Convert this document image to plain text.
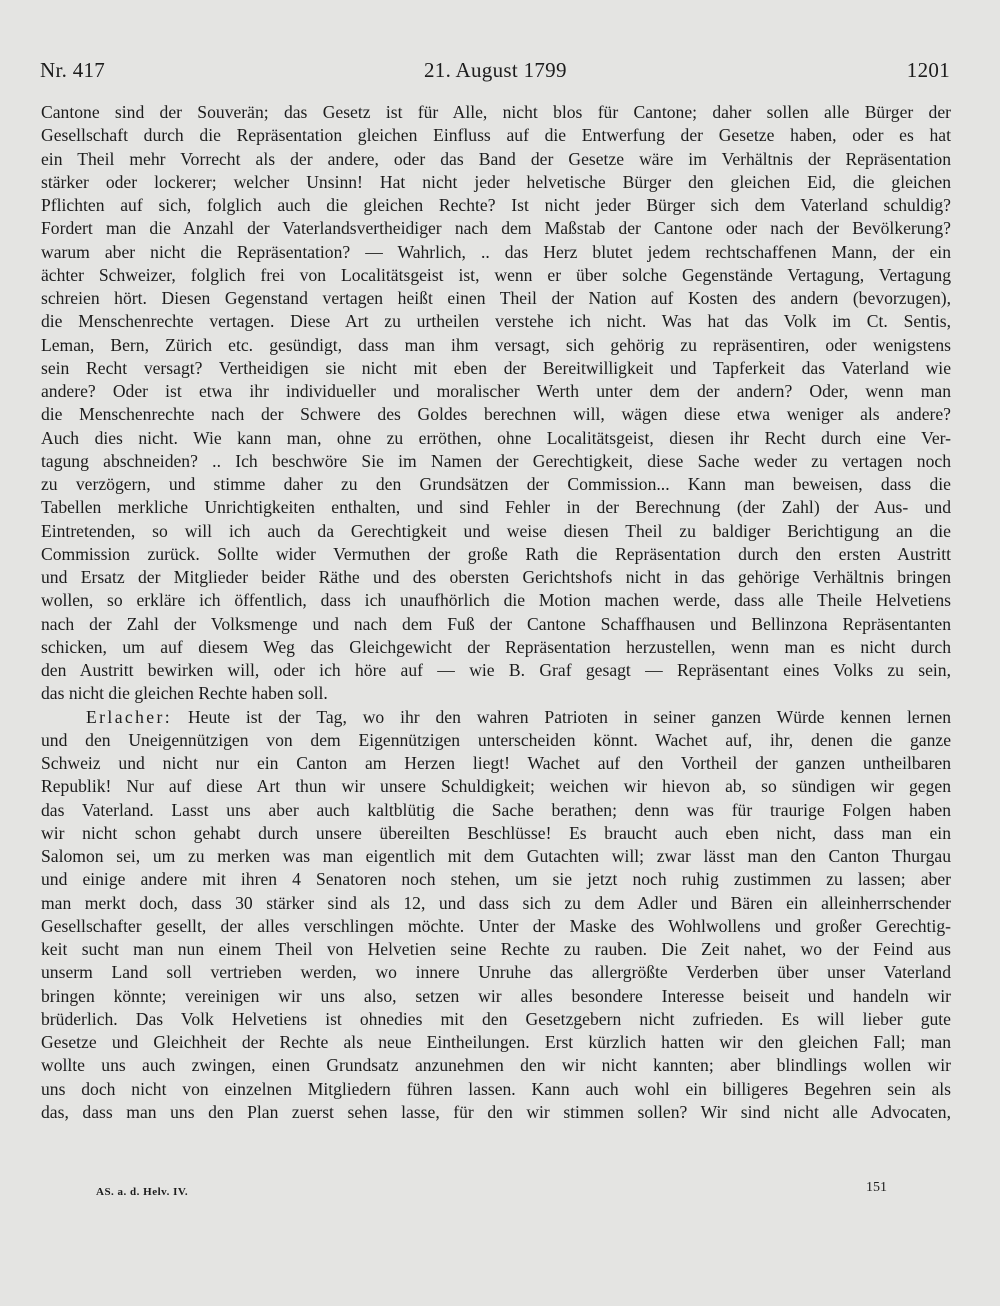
Nr. 417	21. August 1799	1201
Cantone sind der Souverän; das Gesetz ist für Alle, nicht blos für Cantone; daher sollen alle Bürger der
Gesellschaft durch die Repräsentation gleichen Einfluss auf die Entwerfung der Gesetze haben, oder es hat
ein Theil mehr Vorrecht als der andere, oder das Band der Gesetze wäre im Verhältnis der Repräsentation
stärker oder lockerer; welcher Unsinn! Hat nicht jeder helvetische Bürger den gleichen Eid, die gleichen
Pflichten auf sich, folglich auch die gleichen Rechte? Ist nicht jeder Bürger sich dem Vaterland schuldig?
Fordert man die Anzahl der Vaterlandsvertheidiger nach dem Maßstab der Cantone oder nach der Bevölkerung?
warum aber nicht die Repräsentation? — Wahrlich, .. das Herz blutet jedem rechtschaffenen Mann, der ein
ächter Schweizer, folglich frei von Localitätsgeist ist, wenn er über solche Gegenstände Vertagung, Vertagung
schreien hört. Diesen Gegenstand vertagen heißt einen Theil der Nation auf Kosten des andern (bevorzugen),
die Menschenrechte vertagen. Diese Art zu urtheilen verstehe ich nicht. Was hat das Volk im Ct. Sentis,
Leman, Bern, Zürich etc. gesündigt, dass man ihm versagt, sich gehörig zu repräsentiren, oder wenigstens
sein Recht versagt? Vertheidigen sie nicht mit eben der Bereitwilligkeit und Tapferkeit das Vaterland wie
andere? Oder ist etwa ihr individueller und moralischer Werth unter dem der andern? Oder, wenn man
die Menschenrechte nach der Schwere des Goldes berechnen will, wägen diese etwa weniger als andere?
Auch dies nicht. Wie kann man, ohne zu erröthen, ohne Localitätsgeist, diesen ihr Recht durch eine Ver-
tagung abschneiden? .. Ich beschwöre Sie im Namen der Gerechtigkeit, diese Sache weder zu vertagen noch
zu verzögern, und stimme daher zu den Grundsätzen der Commission... Kann man beweisen, dass die
Tabellen merkliche Unrichtigkeiten enthalten, und sind Fehler in der Berechnung (der Zahl) der Aus- und
Eintretenden, so will ich auch da Gerechtigkeit und weise diesen Theil zu baldiger Berichtigung an die
Commission zurück. Sollte wider Vermuthen der große Rath die Repräsentation durch den ersten Austritt
und Ersatz der Mitglieder beider Räthe und des obersten Gerichtshofs nicht in das gehörige Verhältnis bringen
wollen, so erkläre ich öffentlich, dass ich unaufhörlich die Motion machen werde, dass alle Theile Helvetiens
nach der Zahl der Volksmenge und nach dem Fuß der Cantone Schaffhausen und Bellinzona Repräsentanten
schicken, um auf diesem Weg das Gleichgewicht der Repräsentation herzustellen, wenn man es nicht durch
den Austritt bewirken will, oder ich höre auf — wie B. Graf gesagt — Repräsentant eines Volks zu sein,
das nicht die gleichen Rechte haben soll.
Erlacher: Heute ist der Tag, wo ihr den wahren Patrioten in seiner ganzen Würde kennen lernen
und den Uneigennützigen von dem Eigennützigen unterscheiden könnt. Wachet auf, ihr, denen die ganze
Schweiz und nicht nur ein Canton am Herzen liegt! Wachet auf den Vortheil der ganzen untheilbaren
Republik! Nur auf diese Art thun wir unsere Schuldigkeit; weichen wir hievon ab, so sündigen wir gegen
das Vaterland. Lasst uns aber auch kaltblütig die Sache berathen; denn was für traurige Folgen haben
wir nicht schon gehabt durch unsere übereilten Beschlüsse! Es braucht auch eben nicht, dass man ein
Salomon sei, um zu merken was man eigentlich mit dem Gutachten will; zwar lässt man den Canton Thurgau
und einige andere mit ihren 4 Senatoren noch stehen, um sie jetzt noch ruhig zustimmen zu lassen; aber
man merkt doch, dass 30 stärker sind als 12, und dass sich zu dem Adler und Bären ein alleinherrschender
Gesellschafter gesellt, der alles verschlingen möchte. Unter der Maske des Wohlwollens und großer Gerechtig-
keit sucht man nun einem Theil von Helvetien seine Rechte zu rauben. Die Zeit nahet, wo der Feind aus
unserm Land soll vertrieben werden, wo innere Unruhe das allergrößte Verderben über unser Vaterland
bringen könnte; vereinigen wir uns also, setzen wir alles besondere Interesse beiseit und handeln wir
brüderlich. Das Volk Helvetiens ist ohnedies mit den Gesetzgebern nicht zufrieden. Es will lieber gute
Gesetze und Gleichheit der Rechte als neue Eintheilungen. Erst kürzlich hatten wir den gleichen Fall; man
wollte uns auch zwingen, einen Grundsatz anzunehmen den wir nicht kannten; aber blindlings wollen wir
uns doch nicht von einzelnen Mitgliedern führen lassen. Kann auch wohl ein billigeres Begehren sein als
das, dass man uns den Plan zuerst sehen lasse, für den wir stimmen sollen? Wir sind nicht alle Advocaten,
AS. a. d. Helv. IV.	151
